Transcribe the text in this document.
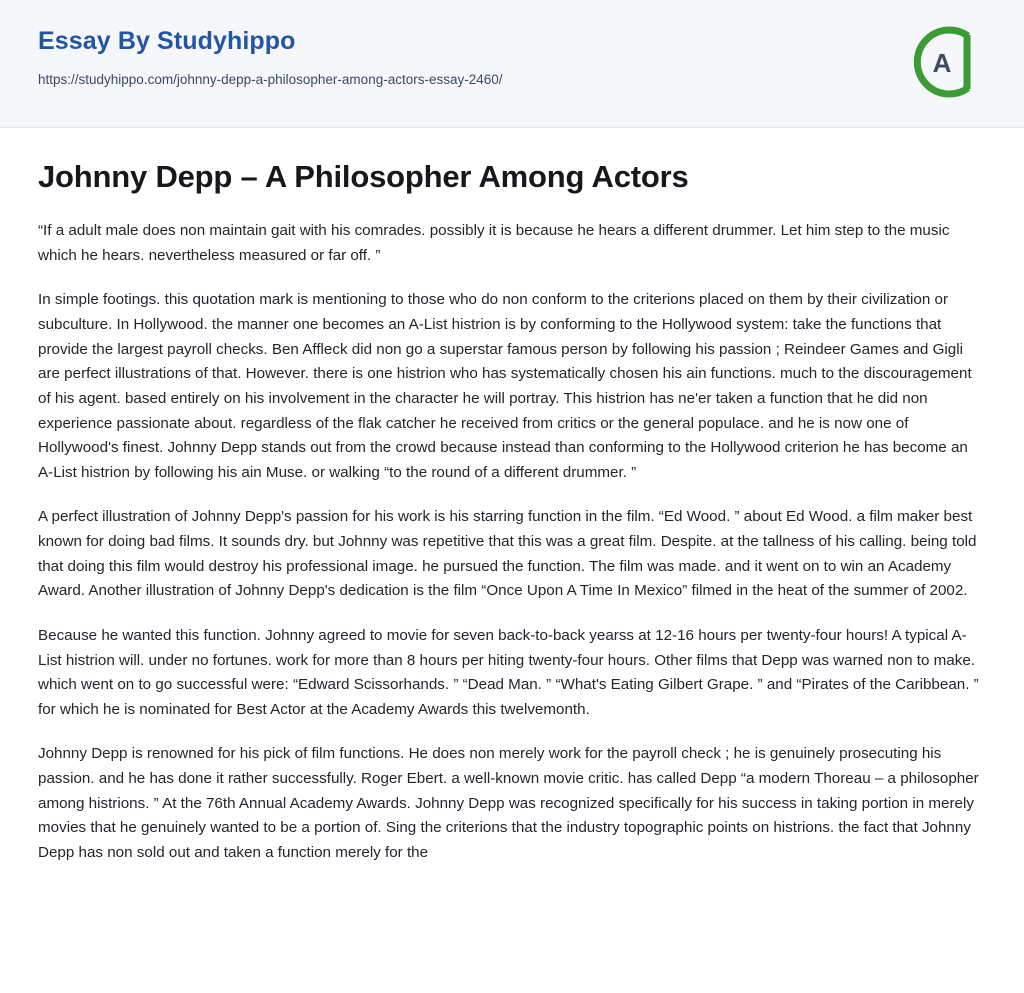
Essay By Studyhippo
https://studyhippo.com/johnny-depp-a-philosopher-among-actors-essay-2460/
A
Johnny Depp – A Philosopher Among Actors

“If a adult male does non maintain gait with his comrades. possibly it is because he hears a different drummer. Let him step to the music which he hears. nevertheless measured or far off. ”

In simple footings. this quotation mark is mentioning to those who do non conform to the criterions placed on them by their civilization or subculture. In Hollywood. the manner one becomes an A-List histrion is by conforming to the Hollywood system: take the functions that provide the largest payroll checks. Ben Affleck did non go a superstar famous person by following his passion ; Reindeer Games and Gigli are perfect illustrations of that. However. there is one histrion who has systematically chosen his ain functions. much to the discouragement of his agent. based entirely on his involvement in the character he will portray. This histrion has ne'er taken a function that he did non experience passionate about. regardless of the flak catcher he received from critics or the general populace. and he is now one of Hollywood's finest. Johnny Depp stands out from the crowd because instead than conforming to the Hollywood criterion he has become an A-List histrion by following his ain Muse. or walking “to the round of a different drummer. ”

A perfect illustration of Johnny Depp's passion for his work is his starring function in the film. “Ed Wood. ” about Ed Wood. a film maker best known for doing bad films. It sounds dry. but Johnny was repetitive that this was a great film. Despite. at the tallness of his calling. being told that doing this film would destroy his professional image. he pursued the function. The film was made. and it went on to win an Academy Award. Another illustration of Johnny Depp's dedication is the film “Once Upon A Time In Mexico” filmed in the heat of the summer of 2002.

Because he wanted this function. Johnny agreed to movie for seven back-to-back yearss at 12-16 hours per twenty-four hours! A typical A-List histrion will. under no fortunes. work for more than 8 hours per hiting twenty-four hours. Other films that Depp was warned non to make. which went on to go successful were: “Edward Scissorhands. ” “Dead Man. ” “What's Eating Gilbert Grape. ” and “Pirates of the Caribbean. ” for which he is nominated for Best Actor at the Academy Awards this twelvemonth.

Johnny Depp is renowned for his pick of film functions. He does non merely work for the payroll check ; he is genuinely prosecuting his passion. and he has done it rather successfully. Roger Ebert. a well-known movie critic. has called Depp “a modern Thoreau – a philosopher among histrions. ” At the 76th Annual Academy Awards. Johnny Depp was recognized specifically for his success in taking portion in merely movies that he genuinely wanted to be a portion of. Sing the criterions that the industry topographic points on histrions. the fact that Johnny Depp has non sold out and taken a function merely for the
